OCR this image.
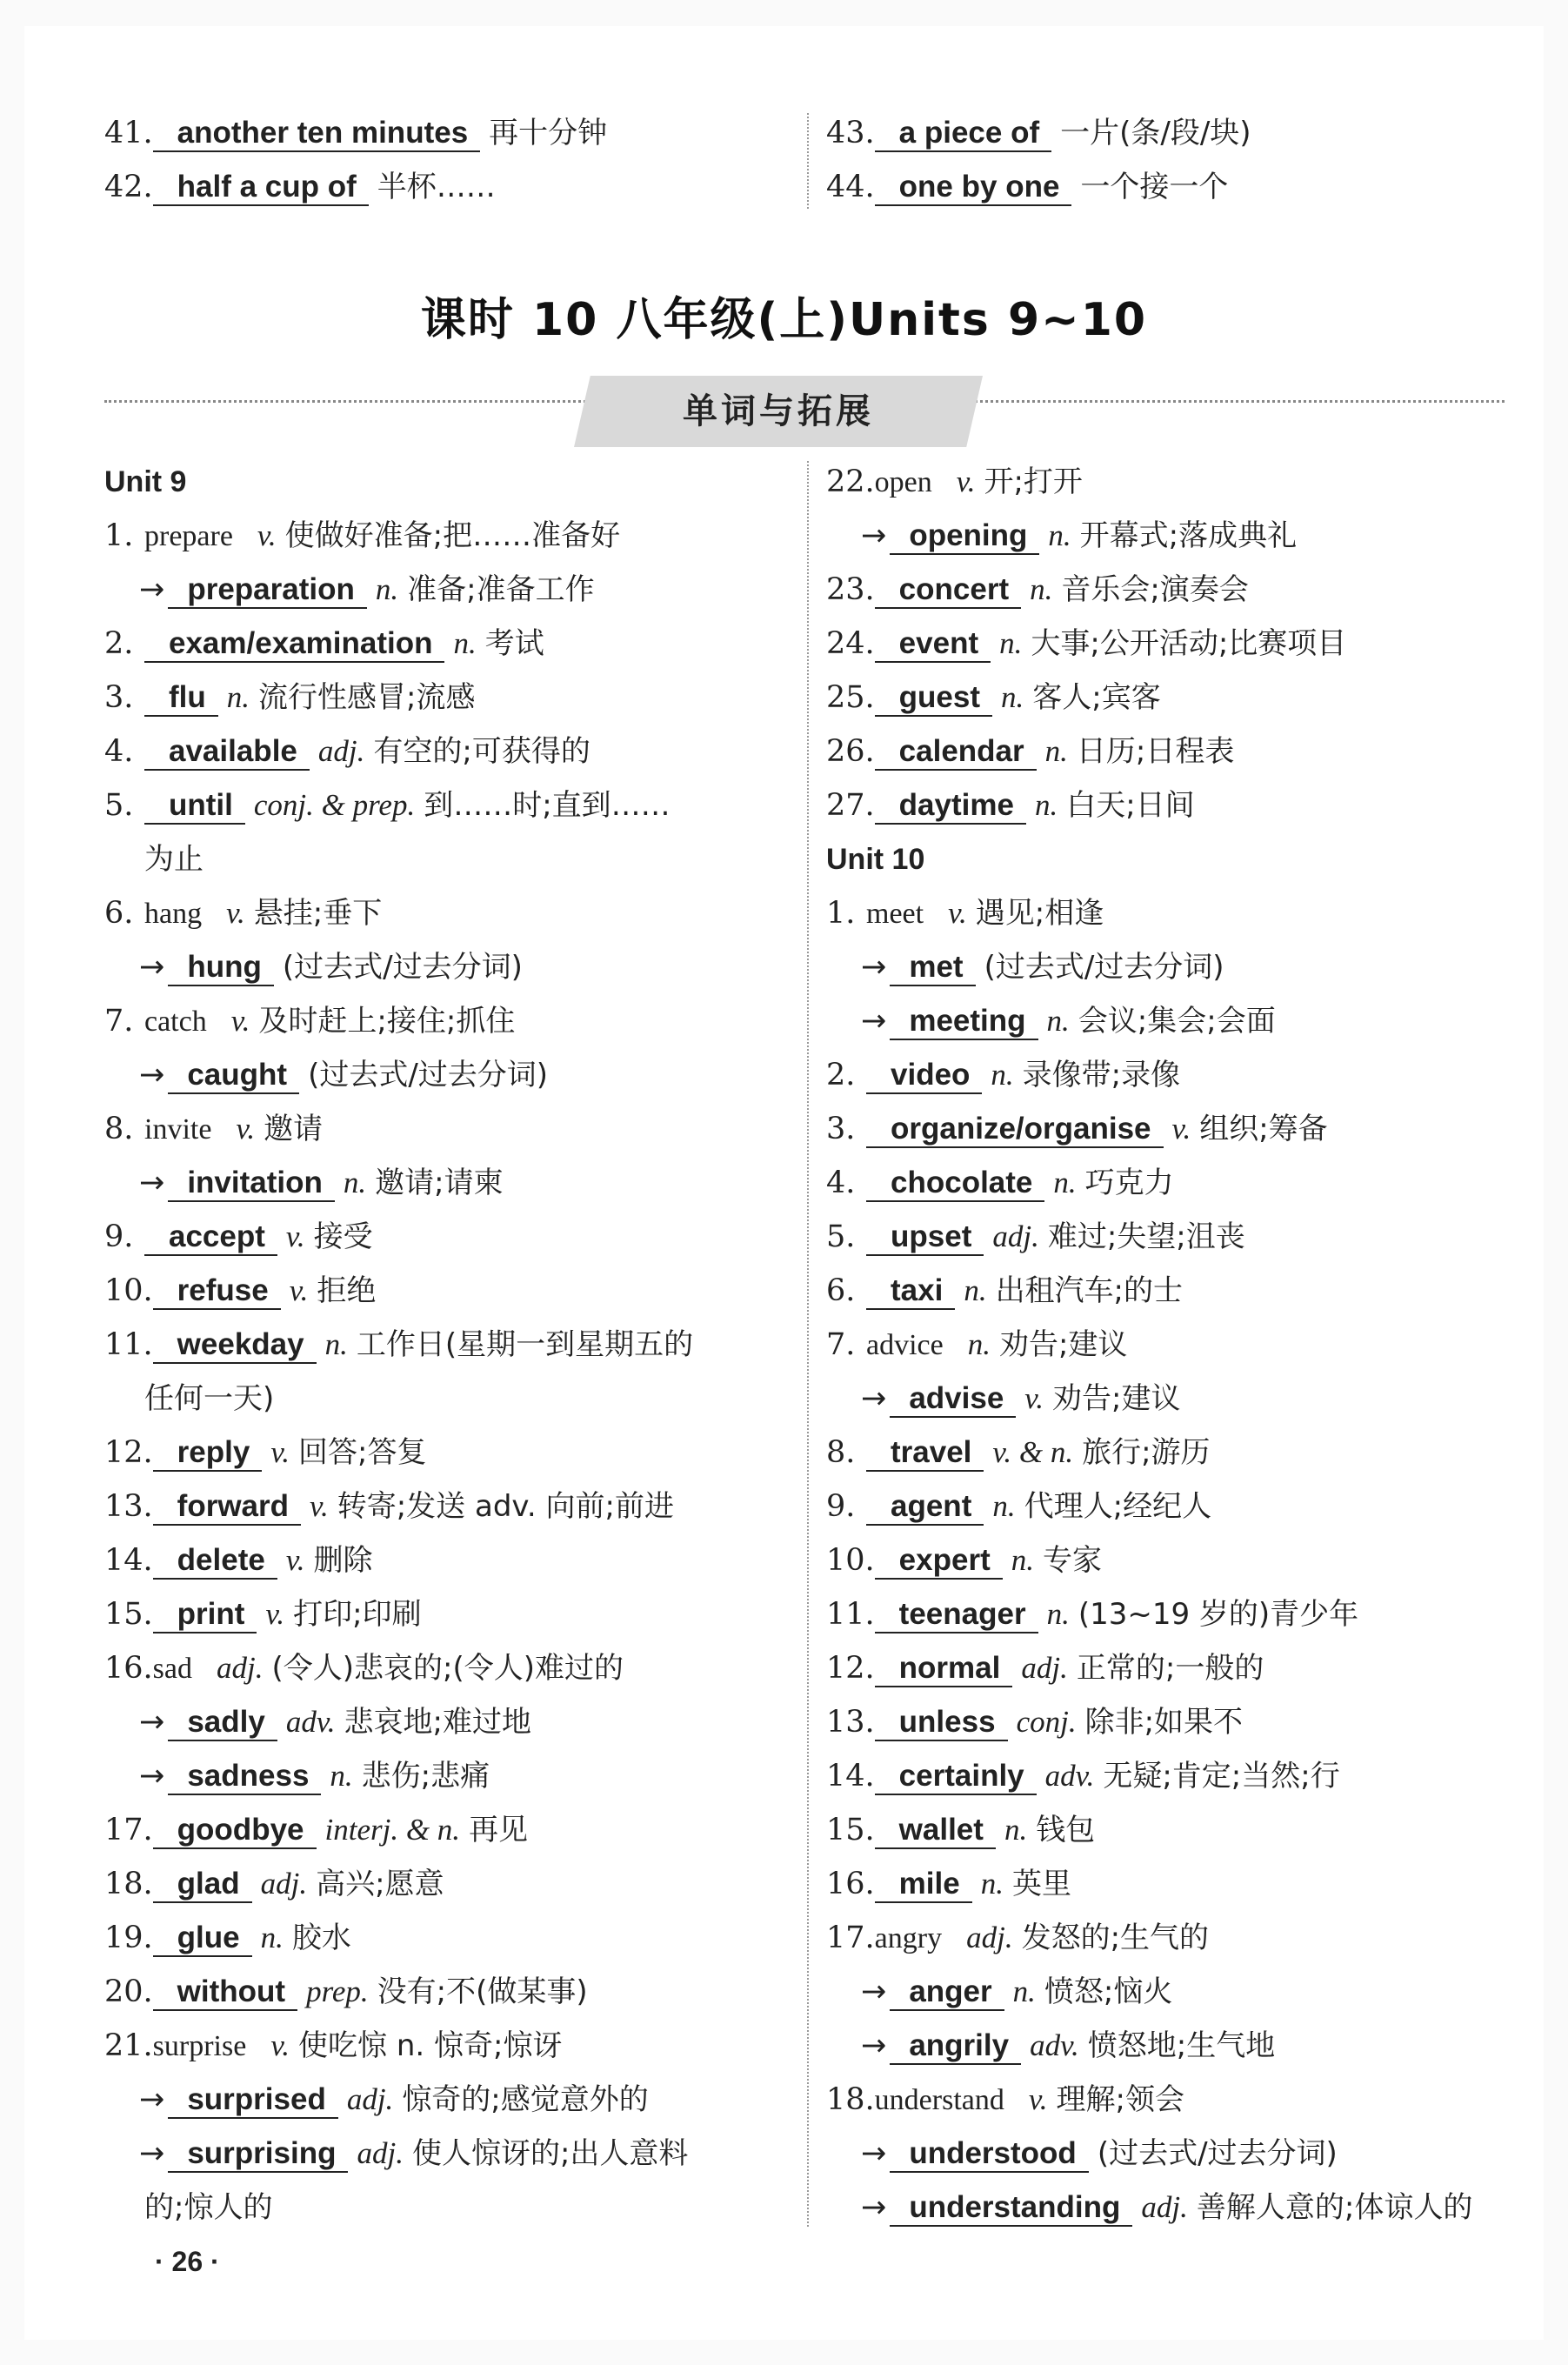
41. another ten minutes 再十分钟
42. half a cup of 半杯……
43. a piece of 一片(条/段/块)
44. one by one 一个接一个
课时 10 八年级(上)Units 9~10
单词与拓展
Unit 9
1. prepare v. 使做好准备;把……准备好
→ preparation n. 准备;准备工作
2. exam/examination n. 考试
3. flu n. 流行性感冒;流感
4. available adj. 有空的;可获得的
5. until conj. & prep. 到……时;直到……
为止
6. hang v. 悬挂;垂下
→ hung (过去式/过去分词)
7. catch v. 及时赶上;接住;抓住
→ caught (过去式/过去分词)
8. invite v. 邀请
→ invitation n. 邀请;请柬
9. accept v. 接受
10. refuse v. 拒绝
11. weekday n. 工作日(星期一到星期五的
任何一天)
12. reply v. 回答;答复
13. forward v. 转寄;发送 adv. 向前;前进
14. delete v. 删除
15. print v. 打印;印刷
16.sad adj. (令人)悲哀的;(令人)难过的
→ sadly adv. 悲哀地;难过地
→ sadness n. 悲伤;悲痛
17. goodbye interj. & n. 再见
18. glad adj. 高兴;愿意
19. glue n. 胶水
20. without prep. 没有;不(做某事)
21.surprise v. 使吃惊 n. 惊奇;惊讶
→ surprised adj. 惊奇的;感觉意外的
→ surprising adj. 使人惊讶的;出人意料
的;惊人的
22.open v. 开;打开
→ opening n. 开幕式;落成典礼
23. concert n. 音乐会;演奏会
24. event n. 大事;公开活动;比赛项目
25. guest n. 客人;宾客
26. calendar n. 日历;日程表
27. daytime n. 白天;日间
Unit 10
1. meet v. 遇见;相逢
→ met (过去式/过去分词)
→ meeting n. 会议;集会;会面
2. video n. 录像带;录像
3. organize/organise v. 组织;筹备
4. chocolate n. 巧克力
5. upset adj. 难过;失望;沮丧
6. taxi n. 出租汽车;的士
7. advice n. 劝告;建议
→ advise v. 劝告;建议
8. travel v. & n. 旅行;游历
9. agent n. 代理人;经纪人
10. expert n. 专家
11. teenager n. (13~19 岁的)青少年
12. normal adj. 正常的;一般的
13. unless conj. 除非;如果不
14. certainly adv. 无疑;肯定;当然;行
15. wallet n. 钱包
16. mile n. 英里
17.angry adj. 发怒的;生气的
→ anger n. 愤怒;恼火
→ angrily adv. 愤怒地;生气地
18.understand v. 理解;领会
→ understood (过去式/过去分词)
→ understanding adj. 善解人意的;体谅人的
· 26 ·
